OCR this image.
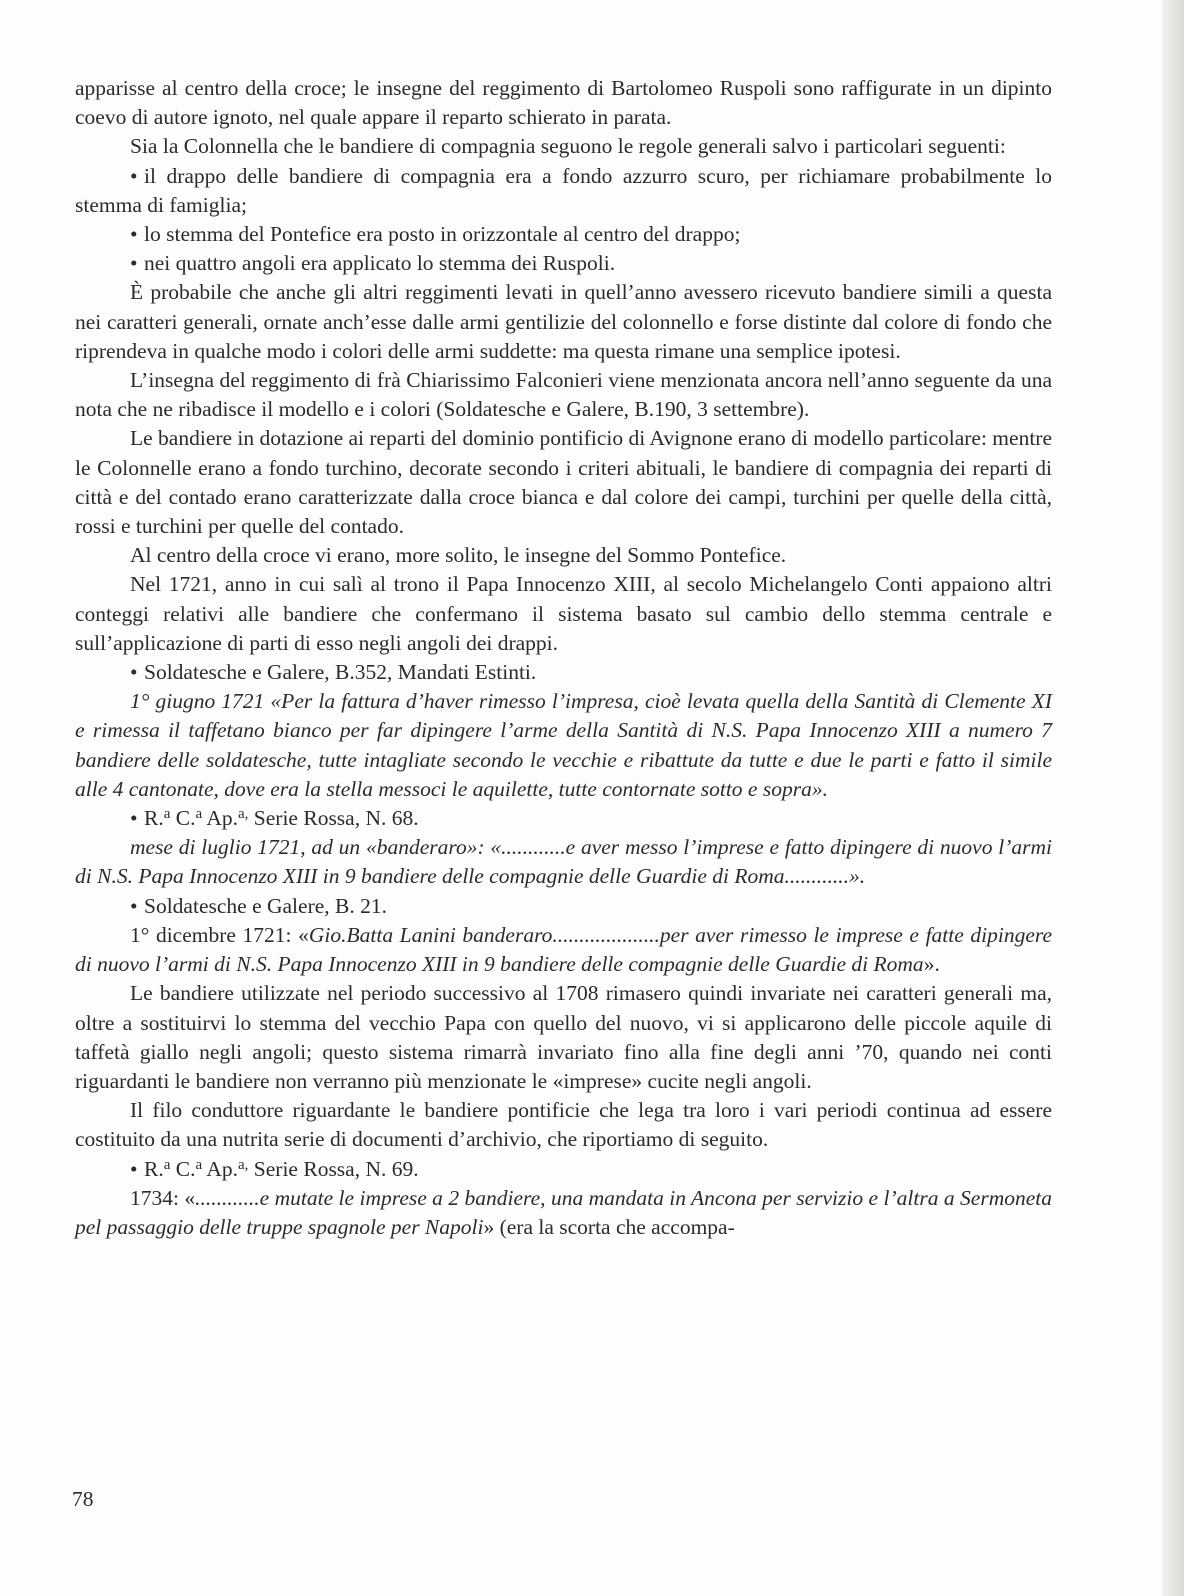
apparisse al centro della croce; le insegne del reggimento di Bartolomeo Ruspoli sono raffigurate in un dipinto coevo di autore ignoto, nel quale appare il reparto schierato in parata.

Sia la Colonnella che le bandiere di compagnia seguono le regole generali salvo i particolari seguenti:

• il drappo delle bandiere di compagnia era a fondo azzurro scuro, per richiamare probabilmente lo stemma di famiglia;

• lo stemma del Pontefice era posto in orizzontale al centro del drappo;

• nei quattro angoli era applicato lo stemma dei Ruspoli.

È probabile che anche gli altri reggimenti levati in quell’anno avessero ricevuto bandiere simili a questa nei caratteri generali, ornate anch’esse dalle armi gentilizie del colonnello e forse distinte dal colore di fondo che riprendeva in qualche modo i colori delle armi suddette: ma questa rimane una semplice ipotesi.

L’insegna del reggimento di frà Chiarissimo Falconieri viene menzionata ancora nell’anno seguente da una nota che ne ribadisce il modello e i colori (Soldatesche e Galere, B.190, 3 settembre).

Le bandiere in dotazione ai reparti del dominio pontificio di Avignone erano di modello particolare: mentre le Colonnelle erano a fondo turchino, decorate secondo i criteri abituali, le bandiere di compagnia dei reparti di città e del contado erano caratterizzate dalla croce bianca e dal colore dei campi, turchini per quelle della città, rossi e turchini per quelle del contado.

Al centro della croce vi erano, more solito, le insegne del Sommo Pontefice.

Nel 1721, anno in cui salì al trono il Papa Innocenzo XIII, al secolo Michelangelo Conti appaiono altri conteggi relativi alle bandiere che confermano il sistema basato sul cambio dello stemma centrale e sull’applicazione di parti di esso negli angoli dei drappi.

• Soldatesche e Galere, B.352, Mandati Estinti.

1° giugno 1721 «Per la fattura d’haver rimesso l’impresa, cioè levata quella della Santità di Clemente XI e rimessa il taffetano bianco per far dipingere l’arme della Santità di N.S. Papa Innocenzo XIII a numero 7 bandiere delle soldatesche, tutte intagliate secondo le vecchie e ribattute da tutte e due le parti e fatto il simile alle 4 cantonate, dove era la stella messoci le aquilette, tutte contornate sotto e sopra».

• R.$^a$ C.$^a$ Ap.$^{a,}$ Serie Rossa, N. 68.

mese di luglio 1721, ad un «banderaro»: «............e aver messo l’imprese e fatto dipingere di nuovo l’armi di N.S. Papa Innocenzo XIII in 9 bandiere delle compagnie delle Guardie di Roma............».

• Soldatesche e Galere, B. 21.

1° dicembre 1721: «Gio.Batta Lanini banderaro....................per aver rimesso le imprese e fatte dipingere di nuovo l’armi di N.S. Papa Innocenzo XIII in 9 bandiere delle compagnie delle Guardie di Roma».

Le bandiere utilizzate nel periodo successivo al 1708 rimasero quindi invariate nei caratteri generali ma, oltre a sostituirvi lo stemma del vecchio Papa con quello del nuovo, vi si applicarono delle piccole aquile di taffetà giallo negli angoli; questo sistema rimarrà invariato fino alla fine degli anni ’70, quando nei conti riguardanti le bandiere non verranno più menzionate le «imprese» cucite negli angoli.

Il filo conduttore riguardante le bandiere pontificie che lega tra loro i vari periodi continua ad essere costituito da una nutrita serie di documenti d’archivio, che riportiamo di seguito.

• R.$^a$ C.$^a$ Ap.$^{a,}$ Serie Rossa, N. 69.

1734: «............e mutate le imprese a 2 bandiere, una mandata in Ancona per servizio e l’altra a Sermoneta pel passaggio delle truppe spagnole per Napoli» (era la scorta che accompa-

78
